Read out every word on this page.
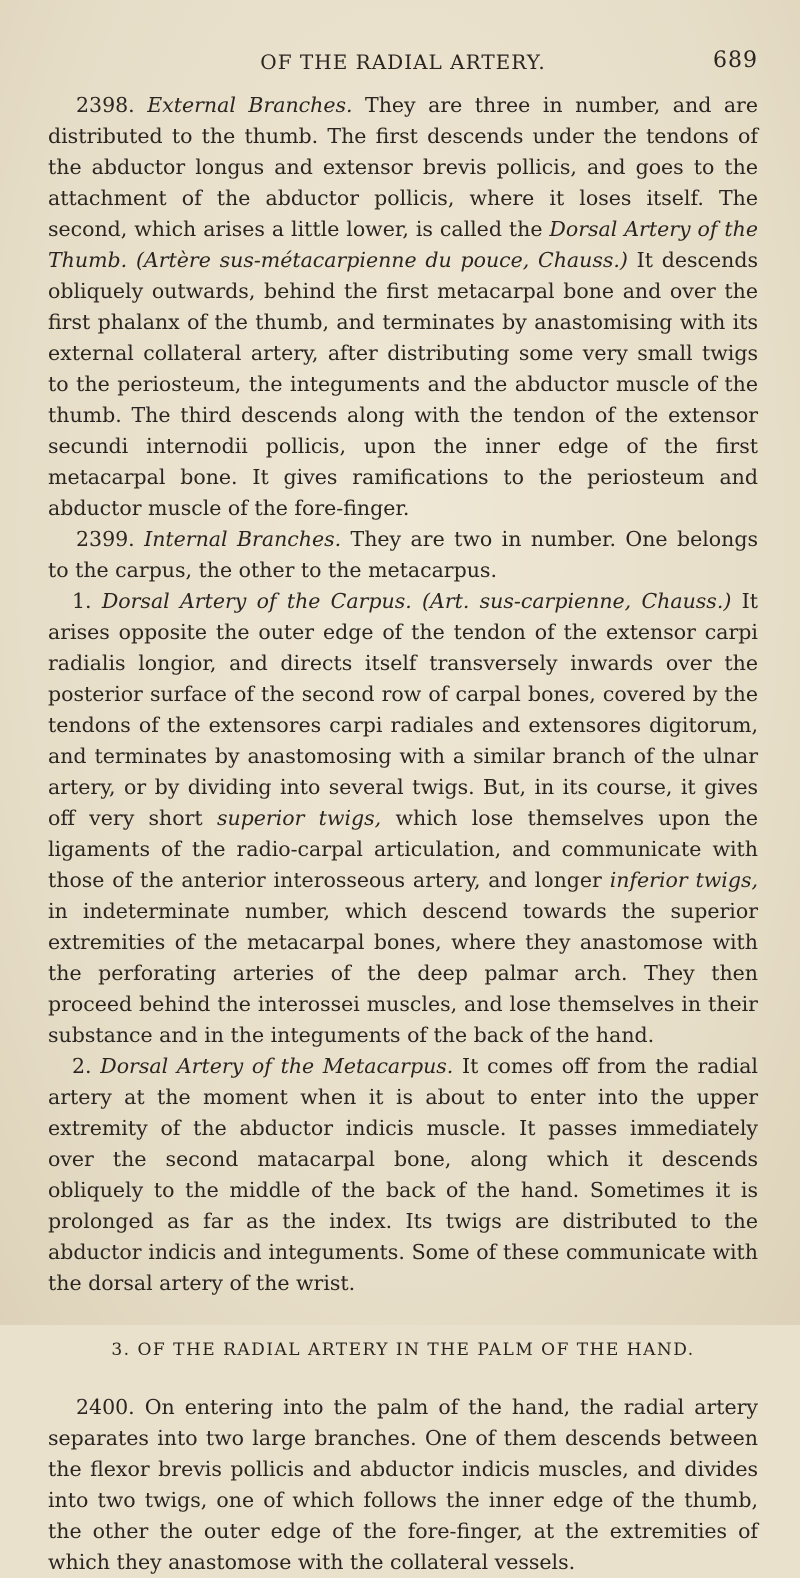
OF THE RADIAL ARTERY.	689

2398. External Branches. They are three in number, and are distributed to the thumb. The first descends under the tendons of the abductor longus and extensor brevis pollicis, and goes to the attachment of the abductor pollicis, where it loses itself. The second, which arises a little lower, is called the Dorsal Artery of the Thumb. (Artère sus-métacarpienne du pouce, Chauss.) It descends obliquely outwards, behind the first metacarpal bone and over the first phalanx of the thumb, and terminates by anastomising with its external collateral artery, after distributing some very small twigs to the periosteum, the integuments and the abductor muscle of the thumb. The third descends along with the tendon of the extensor secundi internodii pollicis, upon the inner edge of the first metacarpal bone. It gives ramifications to the periosteum and abductor muscle of the fore-finger.

2399. Internal Branches. They are two in number. One belongs to the carpus, the other to the metacarpus.

1. Dorsal Artery of the Carpus. (Art. sus-carpienne, Chauss.) It arises opposite the outer edge of the tendon of the extensor carpi radialis longior, and directs itself transversely inwards over the posterior surface of the second row of carpal bones, covered by the tendons of the extensores carpi radiales and extensores digitorum, and terminates by anastomosing with a similar branch of the ulnar artery, or by dividing into several twigs. But, in its course, it gives off very short superior twigs, which lose themselves upon the ligaments of the radio-carpal articulation, and communicate with those of the anterior interosseous artery, and longer inferior twigs, in indeterminate number, which descend towards the superior extremities of the metacarpal bones, where they anastomose with the perforating arteries of the deep palmar arch. They then proceed behind the interossei muscles, and lose themselves in their substance and in the integuments of the back of the hand.

2. Dorsal Artery of the Metacarpus. It comes off from the radial artery at the moment when it is about to enter into the upper extremity of the abductor indicis muscle. It passes immediately over the second matacarpal bone, along which it descends obliquely to the middle of the back of the hand. Sometimes it is prolonged as far as the index. Its twigs are distributed to the abductor indicis and integuments. Some of these communicate with the dorsal artery of the wrist.

3. OF THE RADIAL ARTERY IN THE PALM OF THE HAND.

2400. On entering into the palm of the hand, the radial artery separates into two large branches. One of them descends between the flexor brevis pollicis and abductor indicis muscles, and divides into two twigs, one of which follows the inner edge of the thumb, the other the outer edge of the fore-finger, at the extremities of which they anastomose with the collateral vessels.
